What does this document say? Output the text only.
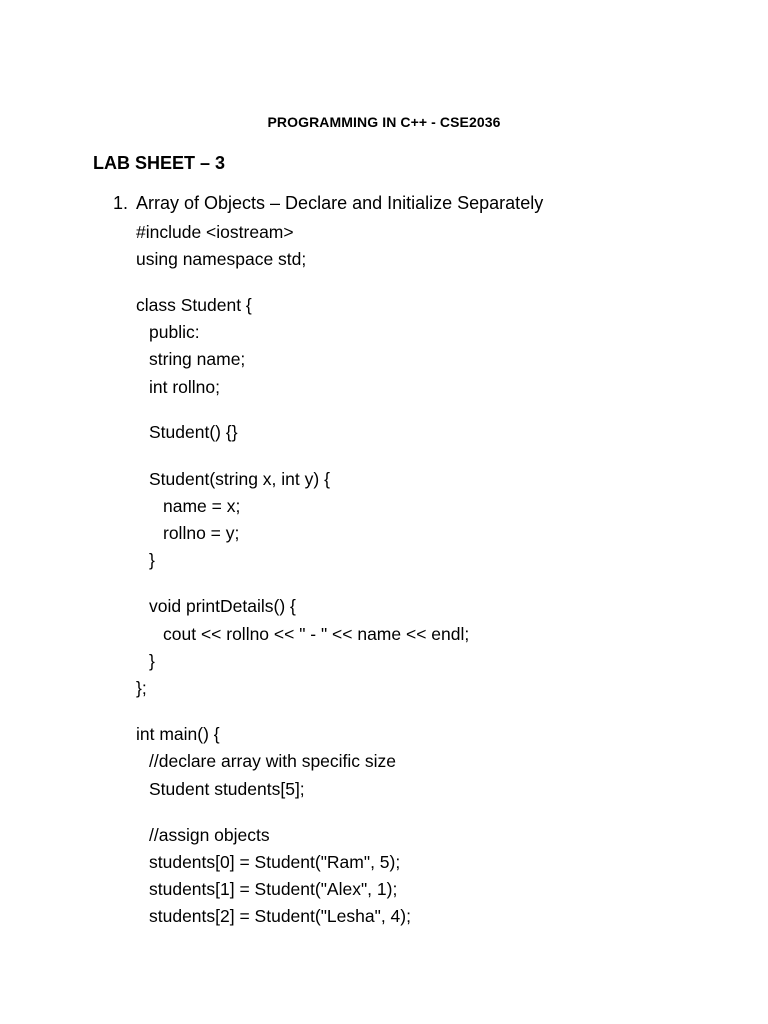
PROGRAMMING IN C++ - CSE2036
LAB SHEET – 3
1. Array of Objects – Declare and Initialize Separately
#include <iostream>
using namespace std;
class Student {
public:
string name;
int rollno;
Student() {}
Student(string x, int y) {
name = x;
rollno = y;
}
void printDetails() {
cout << rollno << " - " << name << endl;
}
};
int main() {
//declare array with specific size
Student students[5];
//assign objects
students[0] = Student("Ram", 5);
students[1] = Student("Alex", 1);
students[2] = Student("Lesha", 4);
